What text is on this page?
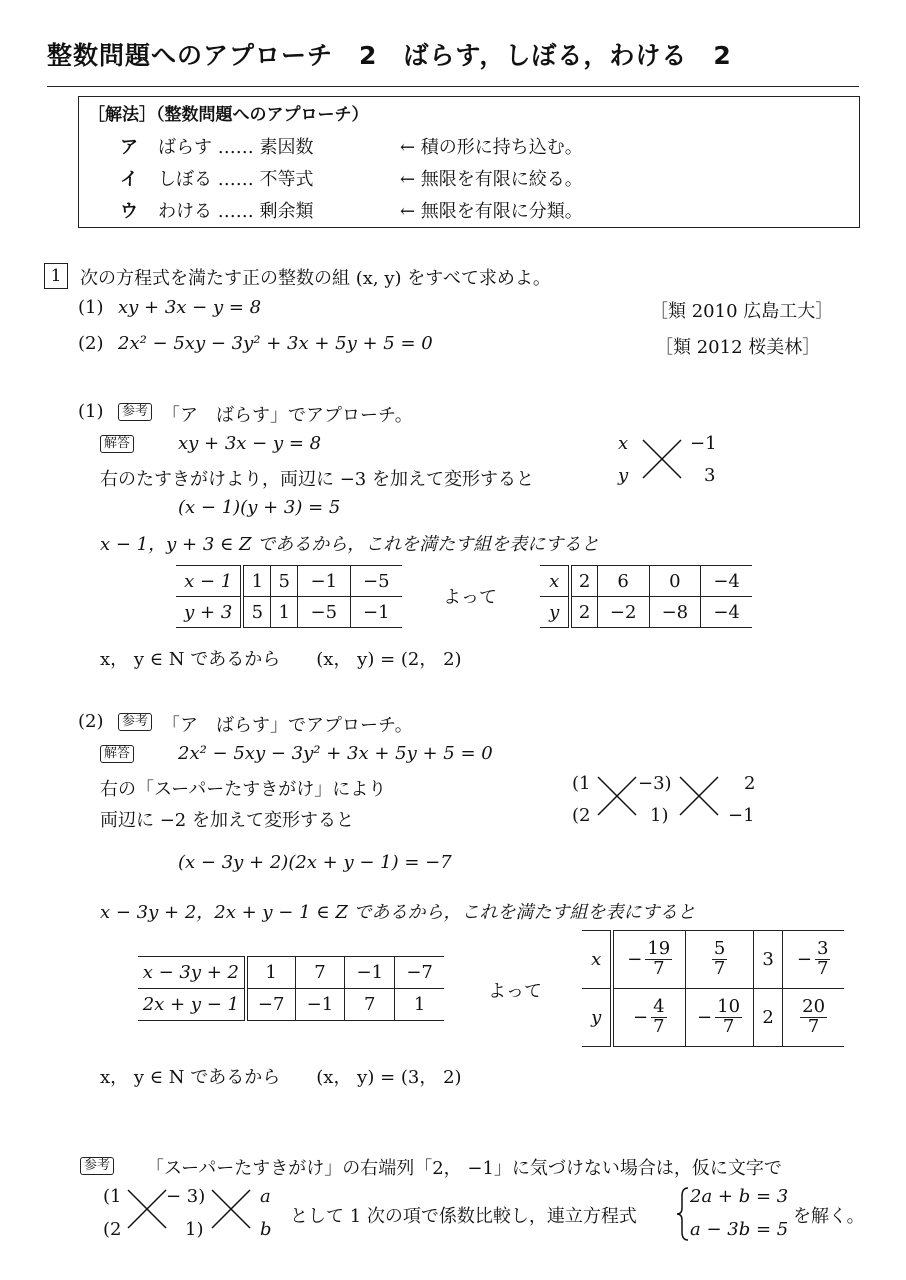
整数問題へのアプローチ　2　ばらす，しぼる，わける　2
［解法］（整数問題へのアプローチ）
ア ばらす …… 素因数	← 積の形に持ち込む。
イ しぼる …… 不等式	← 無限を有限に絞る。
ウ わける …… 剰余類	← 無限を有限に分類。
1	次の方程式を満たす正の整数の組 (x, y) をすべて求めよ。
(1) xy + 3x − y = 8	［類 2010 広島工大］
(2) 2x² − 5xy − 3y² + 3x + 5y + 5 = 0	［類 2012 桜美林］
(1)	参考 「ア　ばらす」でアプローチ。
解答	xy + 3x − y = 8	x
y
−1
3
右のたすきがけより，両辺に −3 を加えて変形すると
(x − 1)(y + 3) = 5
x − 1，y + 3 ∈ Z であるから，これを満たす組を表にすると
x − 1	1	5	−1	−5
y + 3	5	1	−5	−1
よって
x	2	6	0	−4
y	2	−2	−8	−4
x， y ∈ N であるから　　(x， y) = (2， 2)
(2)	参考 「ア　ばらす」でアプローチ。
解答	2x² − 5xy − 3y² + 3x + 5y + 5 = 0
右の「スーパーたすきがけ」により
両辺に −2 を加えて変形すると
(1
(2
−3)
1)
2
−1
(x − 3y + 2)(2x + y − 1) = −7
x − 3y + 2，2x + y − 1 ∈ Z であるから，これを満たす組を表にすると
x − 3y + 2	1	7	−1	−7
2x + y − 1	−7	−1	7	1
よって
x	− $\frac{19}{7}$	$\frac{5}{7}$	3	− $\frac{3}{7}$

y	− $\frac{4}{7}$	− $\frac{10}{7}$	2	$\frac{20}{7}$
x， y ∈ N であるから　　(x， y) = (3， 2)
参考 「スーパーたすきがけ」の右端列「2， −1」に気づけない場合は，仮に文字で
(1
(2
− 3)
1)
a
b
として 1 次の項で係数比較し，連立方程式
2a + b = 3
a − 3b = 5
を解く。
